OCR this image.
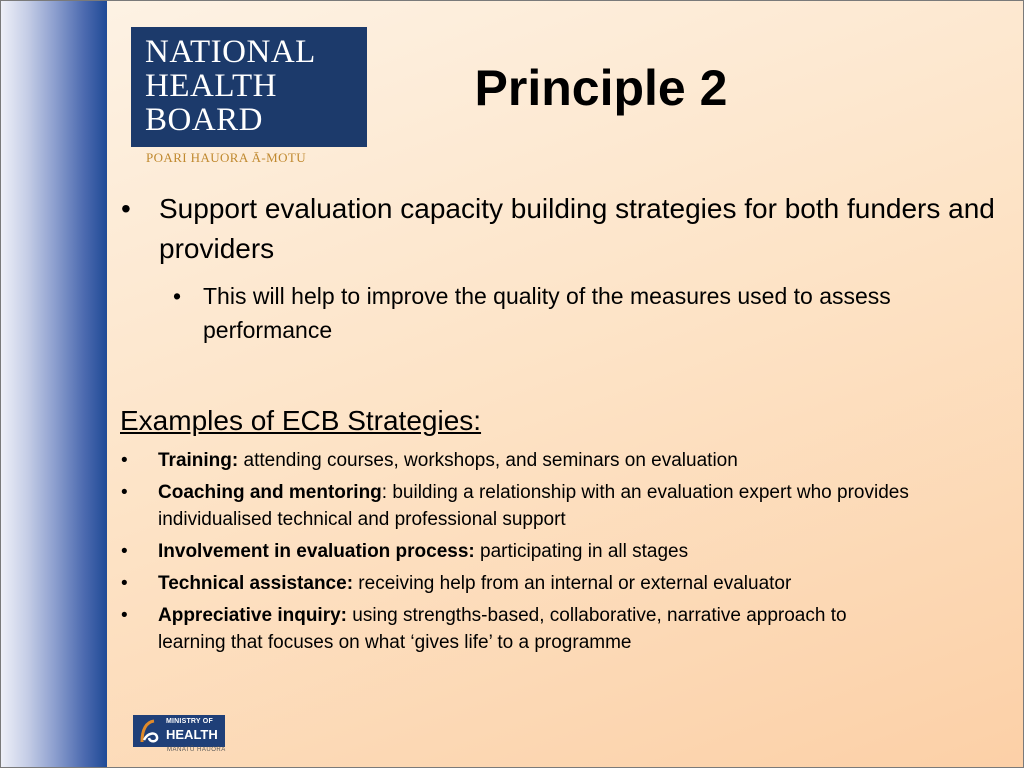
NATIONAL
HEALTH
BOARD
POARI HAUORA Ā-MOTU
Principle 2
• Support evaluation capacity building strategies for both funders and providers
• This will help to improve the quality of the measures used to assess performance
Examples of ECB Strategies:
• Training: attending courses, workshops, and seminars on evaluation
• Coaching and mentoring: building a relationship with an evaluation expert who provides individualised technical and professional support
• Involvement in evaluation process: participating in all stages
• Technical assistance: receiving help from an internal or external evaluator
• Appreciative inquiry: using strengths-based, collaborative, narrative approach to learning that focuses on what ‘gives life’ to a programme
MINISTRY OF
HEALTH
MANATŪ HAUORA
